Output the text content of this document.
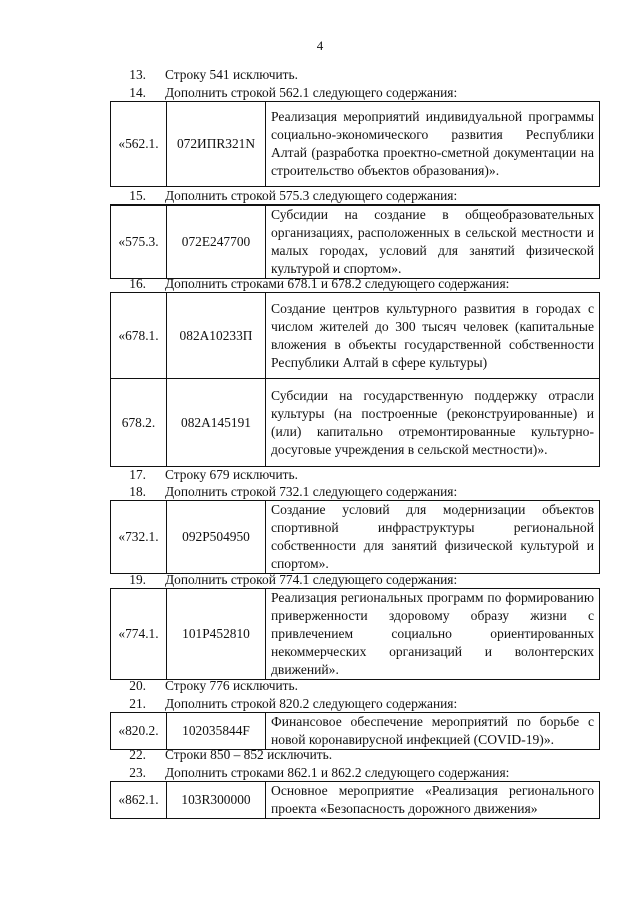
4
13. Строку 541 исключить.
14. Дополнить строкой 562.1 следующего содержания:
«562.1.	072ИПR321N	Реализация мероприятий индивидуальной программы социально-экономического развития Республики Алтай (разработка проектно-сметной документации на строительство объектов образования)».
15. Дополнить строкой 575.3 следующего содержания:
«575.3.	072E247700	Субсидии на создание в общеобразовательных организациях, расположенных в сельской местности и малых городах, условий для занятий физической культурой и спортом».
16. Дополнить строками 678.1 и 678.2 следующего содержания:
«678.1.	082A10233П	Создание центров культурного развития в городах с числом жителей до 300 тысяч человек (капитальные вложения в объекты государственной собственности Республики Алтай в сфере культуры)
678.2.	082A145191	Субсидии на государственную поддержку отрасли культуры (на построенные (реконструированные) и (или) капитально отремонтированные культурно-досуговые учреждения в сельской местности)».
17. Строку 679 исключить.
18. Дополнить строкой 732.1 следующего содержания:
«732.1.	092P504950	Создание условий для модернизации объектов спортивной инфраструктуры региональной собственности для занятий физической культурой и спортом».
19. Дополнить строкой 774.1 следующего содержания:
«774.1.	101P452810	Реализация региональных программ по формированию приверженности здоровому образу жизни с привлечением социально ориентированных некоммерческих организаций и волонтерских движений».
20. Строку 776 исключить.
21. Дополнить строкой 820.2 следующего содержания:
«820.2.	102035844F	Финансовое обеспечение мероприятий по борьбе с новой коронавирусной инфекцией (COVID-19)».
22. Строки 850 – 852 исключить.
23. Дополнить строками 862.1 и 862.2 следующего содержания:
«862.1.	103R300000	Основное мероприятие «Реализация регионального проекта «Безопасность дорожного движения»
